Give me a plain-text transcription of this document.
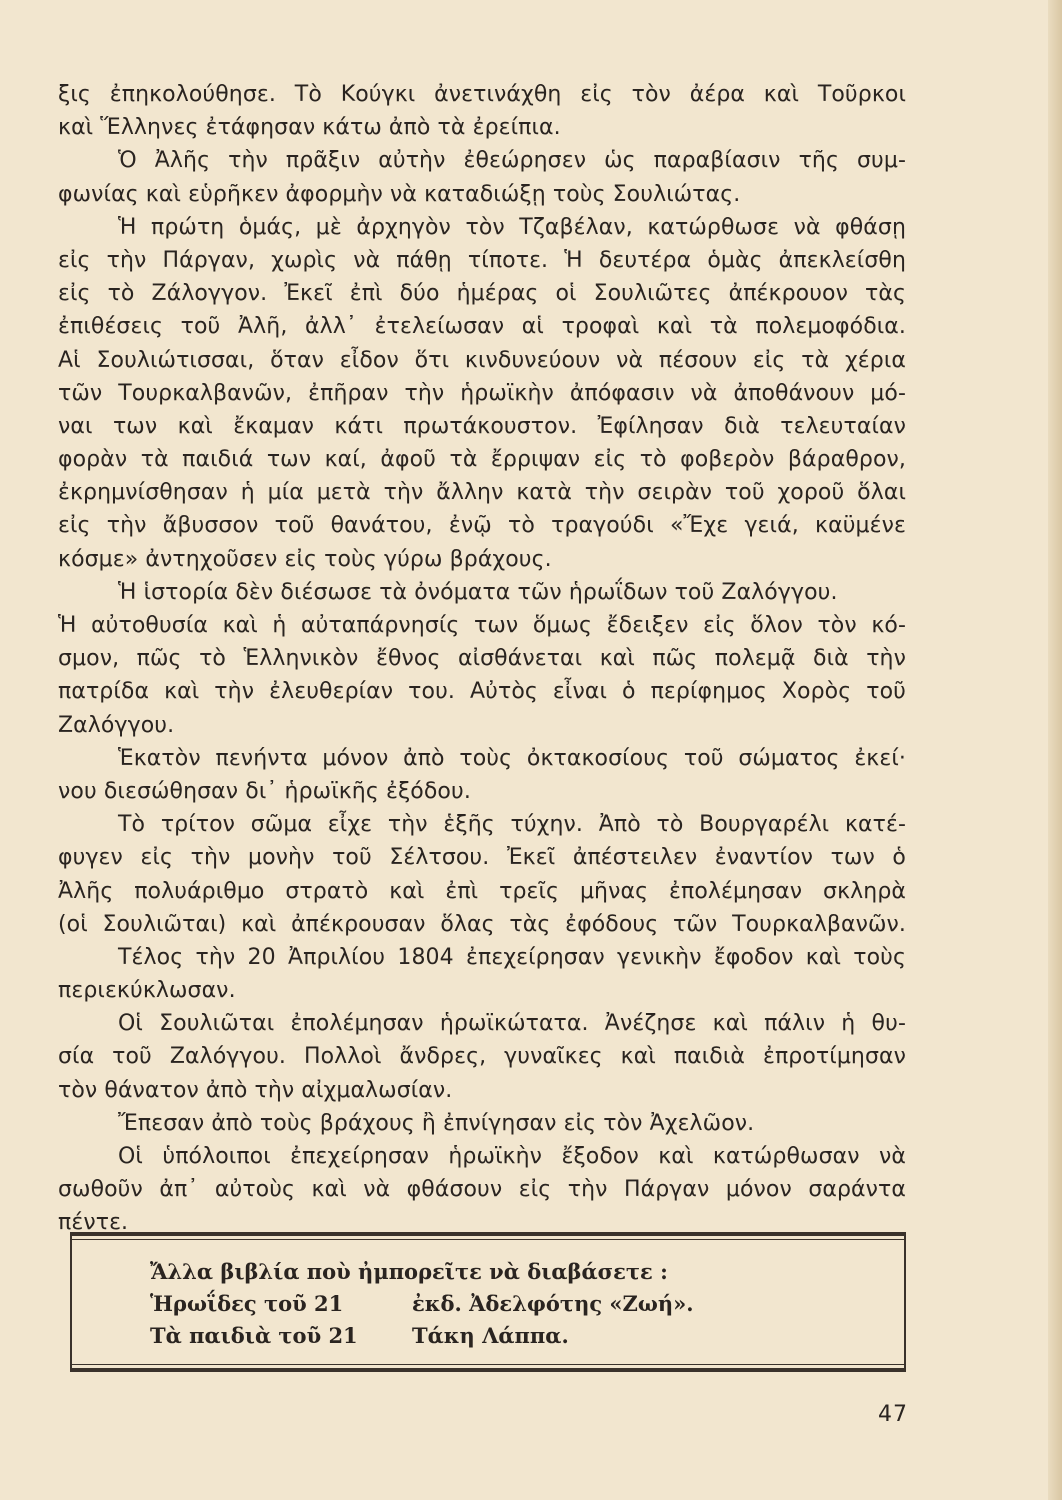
ξις ἐπηκολούθησε. Τὸ Κούγκι ἀνετινάχθη εἰς τὸν ἀέρα καὶ Τοῦρκοι
καὶ Ἕλληνες ἐτάφησαν κάτω ἀπὸ τὰ ἐρείπια.
Ὁ Ἀλῆς τὴν πρᾶξιν αὐτὴν ἐθεώρησεν ὡς παραβίασιν τῆς συμ-
φωνίας καὶ εὑρῆκεν ἀφορμὴν νὰ καταδιώξῃ τοὺς Σουλιώτας.
Ἡ πρώτη ὁμάς, μὲ ἀρχηγὸν τὸν Τζαβέλαν, κατώρθωσε νὰ φθάσῃ
εἰς τὴν Πάργαν, χωρὶς νὰ πάθῃ τίποτε. Ἡ δευτέρα ὁμὰς ἀπεκλείσθη
εἰς τὸ Ζάλογγον. Ἐκεῖ ἐπὶ δύο ἡμέρας οἱ Σουλιῶτες ἀπέκρουον τὰς
ἐπιθέσεις τοῦ Ἀλῆ, ἀλλ᾽ ἐτελείωσαν αἱ τροφαὶ καὶ τὰ πολεμοφόδια.
Αἱ Σουλιώτισσαι, ὅταν εἶδον ὅτι κινδυνεύουν νὰ πέσουν εἰς τὰ χέρια
τῶν Τουρκαλβανῶν, ἐπῆραν τὴν ἡρωϊκὴν ἀπόφασιν νὰ ἀποθάνουν μό-
ναι των καὶ ἔκαμαν κάτι πρωτάκουστον. Ἐφίλησαν διὰ τελευταίαν
φορὰν τὰ παιδιά των καί, ἀφοῦ τὰ ἔρριψαν εἰς τὸ φοβερὸν βάραθρον,
ἐκρημνίσθησαν ἡ μία μετὰ τὴν ἄλλην κατὰ τὴν σειρὰν τοῦ χοροῦ ὅλαι
εἰς τὴν ἄβυσσον τοῦ θανάτου, ἐνῷ τὸ τραγούδι «Ἔχε γειά, καϋμένε
κόσμε» ἀντηχοῦσεν εἰς τοὺς γύρω βράχους.
Ἡ ἱστορία δὲν διέσωσε τὰ ὀνόματα τῶν ἡρωΐδων τοῦ Ζαλόγγου.
Ἡ αὐτοθυσία καὶ ἡ αὐταπάρνησίς των ὅμως ἔδειξεν εἰς ὅλον τὸν κό-
σμον, πῶς τὸ Ἑλληνικὸν ἔθνος αἰσθάνεται καὶ πῶς πολεμᾷ διὰ τὴν
πατρίδα καὶ τὴν ἐλευθερίαν του. Αὐτὸς εἶναι ὁ περίφημος Χορὸς τοῦ
Ζαλόγγου.
Ἑκατὸν πενήντα μόνον ἀπὸ τοὺς ὀκτακοσίους τοῦ σώματος ἐκεί·
νου διεσώθησαν δι᾽ ἡρωϊκῆς ἐξόδου.
Τὸ τρίτον σῶμα εἶχε τὴν ἑξῆς τύχην. Ἀπὸ τὸ Βουργαρέλι κατέ-
φυγεν εἰς τὴν μονὴν τοῦ Σέλτσου. Ἐκεῖ ἀπέστειλεν ἐναντίον των ὁ
Ἀλῆς πολυάριθμο στρατὸ καὶ ἐπὶ τρεῖς μῆνας ἐπολέμησαν σκληρὰ
(οἱ Σουλιῶται) καὶ ἀπέκρουσαν ὅλας τὰς ἐφόδους τῶν Τουρκαλβανῶν.
Τέλος τὴν 20 Ἀπριλίου 1804 ἐπεχείρησαν γενικὴν ἔφοδον καὶ τοὺς
περιεκύκλωσαν.
Οἱ Σουλιῶται ἐπολέμησαν ἡρωϊκώτατα. Ἀνέζησε καὶ πάλιν ἡ θυ-
σία τοῦ Ζαλόγγου. Πολλοὶ ἄνδρες, γυναῖκες καὶ παιδιὰ ἐπροτίμησαν
τὸν θάνατον ἀπὸ τὴν αἰχμαλωσίαν.
Ἔπεσαν ἀπὸ τοὺς βράχους ἢ ἐπνίγησαν εἰς τὸν Ἀχελῶον.
Οἱ ὑπόλοιποι ἐπεχείρησαν ἡρωϊκὴν ἔξοδον καὶ κατώρθωσαν νὰ
σωθοῦν ἀπ᾽ αὐτοὺς καὶ νὰ φθάσουν εἰς τὴν Πάργαν μόνον σαράντα
πέντε.
Ἄλλα βιβλία ποὺ ἠμπορεῖτε νὰ διαβάσετε :
Ἡρωΐδες τοῦ 21	ἐκδ. Ἀδελφότης «Ζωή».
Τὰ παιδιὰ τοῦ 21	Τάκη Λάππα.
47
